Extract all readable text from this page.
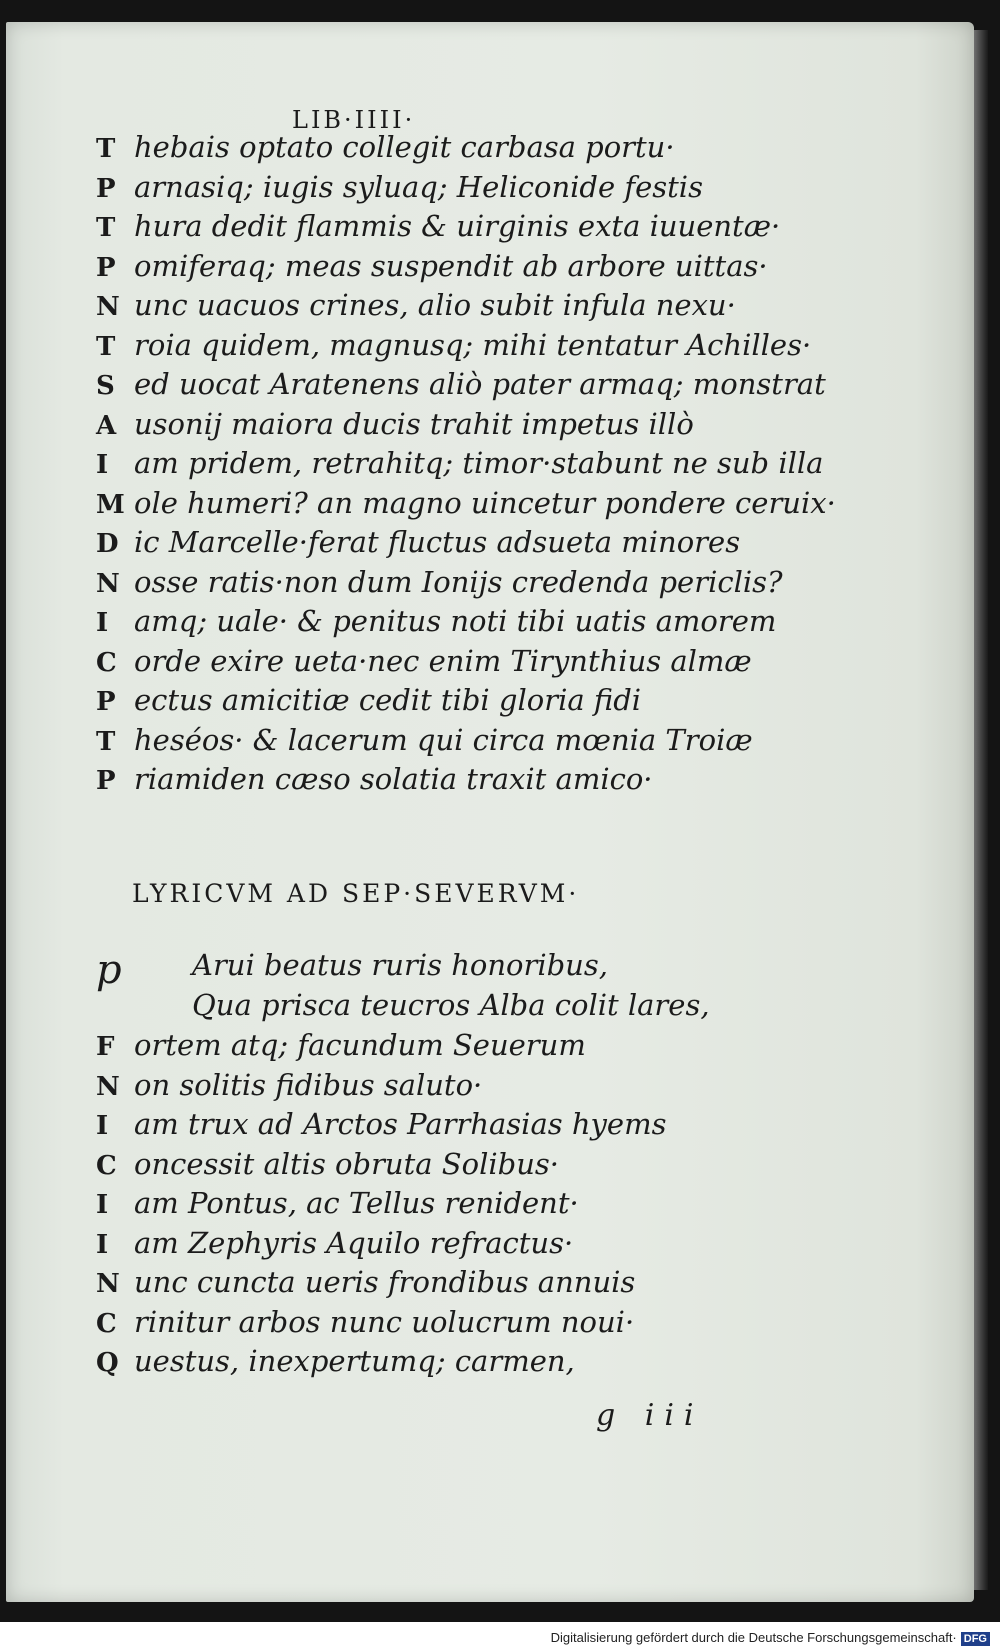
LIB·IIII·
T hebais optato collegit carbasa portu·
P arnasiq; iugis syluaq; Heliconide festis
T hura dedit flammis & uirginis exta iuuentæ·
P omiferaq; meas suspendit ab arbore uittas·
N unc uacuos crines, alio subit infula nexu·
T roia quidem, magnusq; mihi tentatur Achilles·
S ed uocat Aratenens aliò pater armaq; monstrat
A usonij maiora ducis trahit impetus illò
I am pridem, retrahitq; timor·stabunt ne sub illa
M ole humeri? an magno uincetur pondere ceruix·
D ic Marcelle·ferat fluctus adsueta minores
N osse ratis·non dum Ionijs credenda periclis?
I amq; uale· & penitus noti tibi uatis amorem
C orde exire ueta·nec enim Tirynthius almæ
P ectus amicitiæ cedit tibi gloria fidi
T heséos· & lacerum qui circa mœnia Troiæ
P riamiden cæso solatia traxit amico·
LYRICVM AD SEP·SEVERVM·
p Arui beatus ruris honoribus,
Qua prisca teucros Alba colit lares,
F ortem atq; facundum Seuerum
N on solitis fidibus saluto·
I am trux ad Arctos Parrhasias hyems
C oncessit altis obruta Solibus·
I am Pontus, ac Tellus renident·
I am Zephyris Aquilo refractus·
N unc cuncta ueris frondibus annuis
C rinitur arbos nunc uolucrum noui·
Q uestus, inexpertumq; carmen,
g iii
Digitalisierung gefördert durch die Deutsche Forschungsgemeinschaft· DFG
